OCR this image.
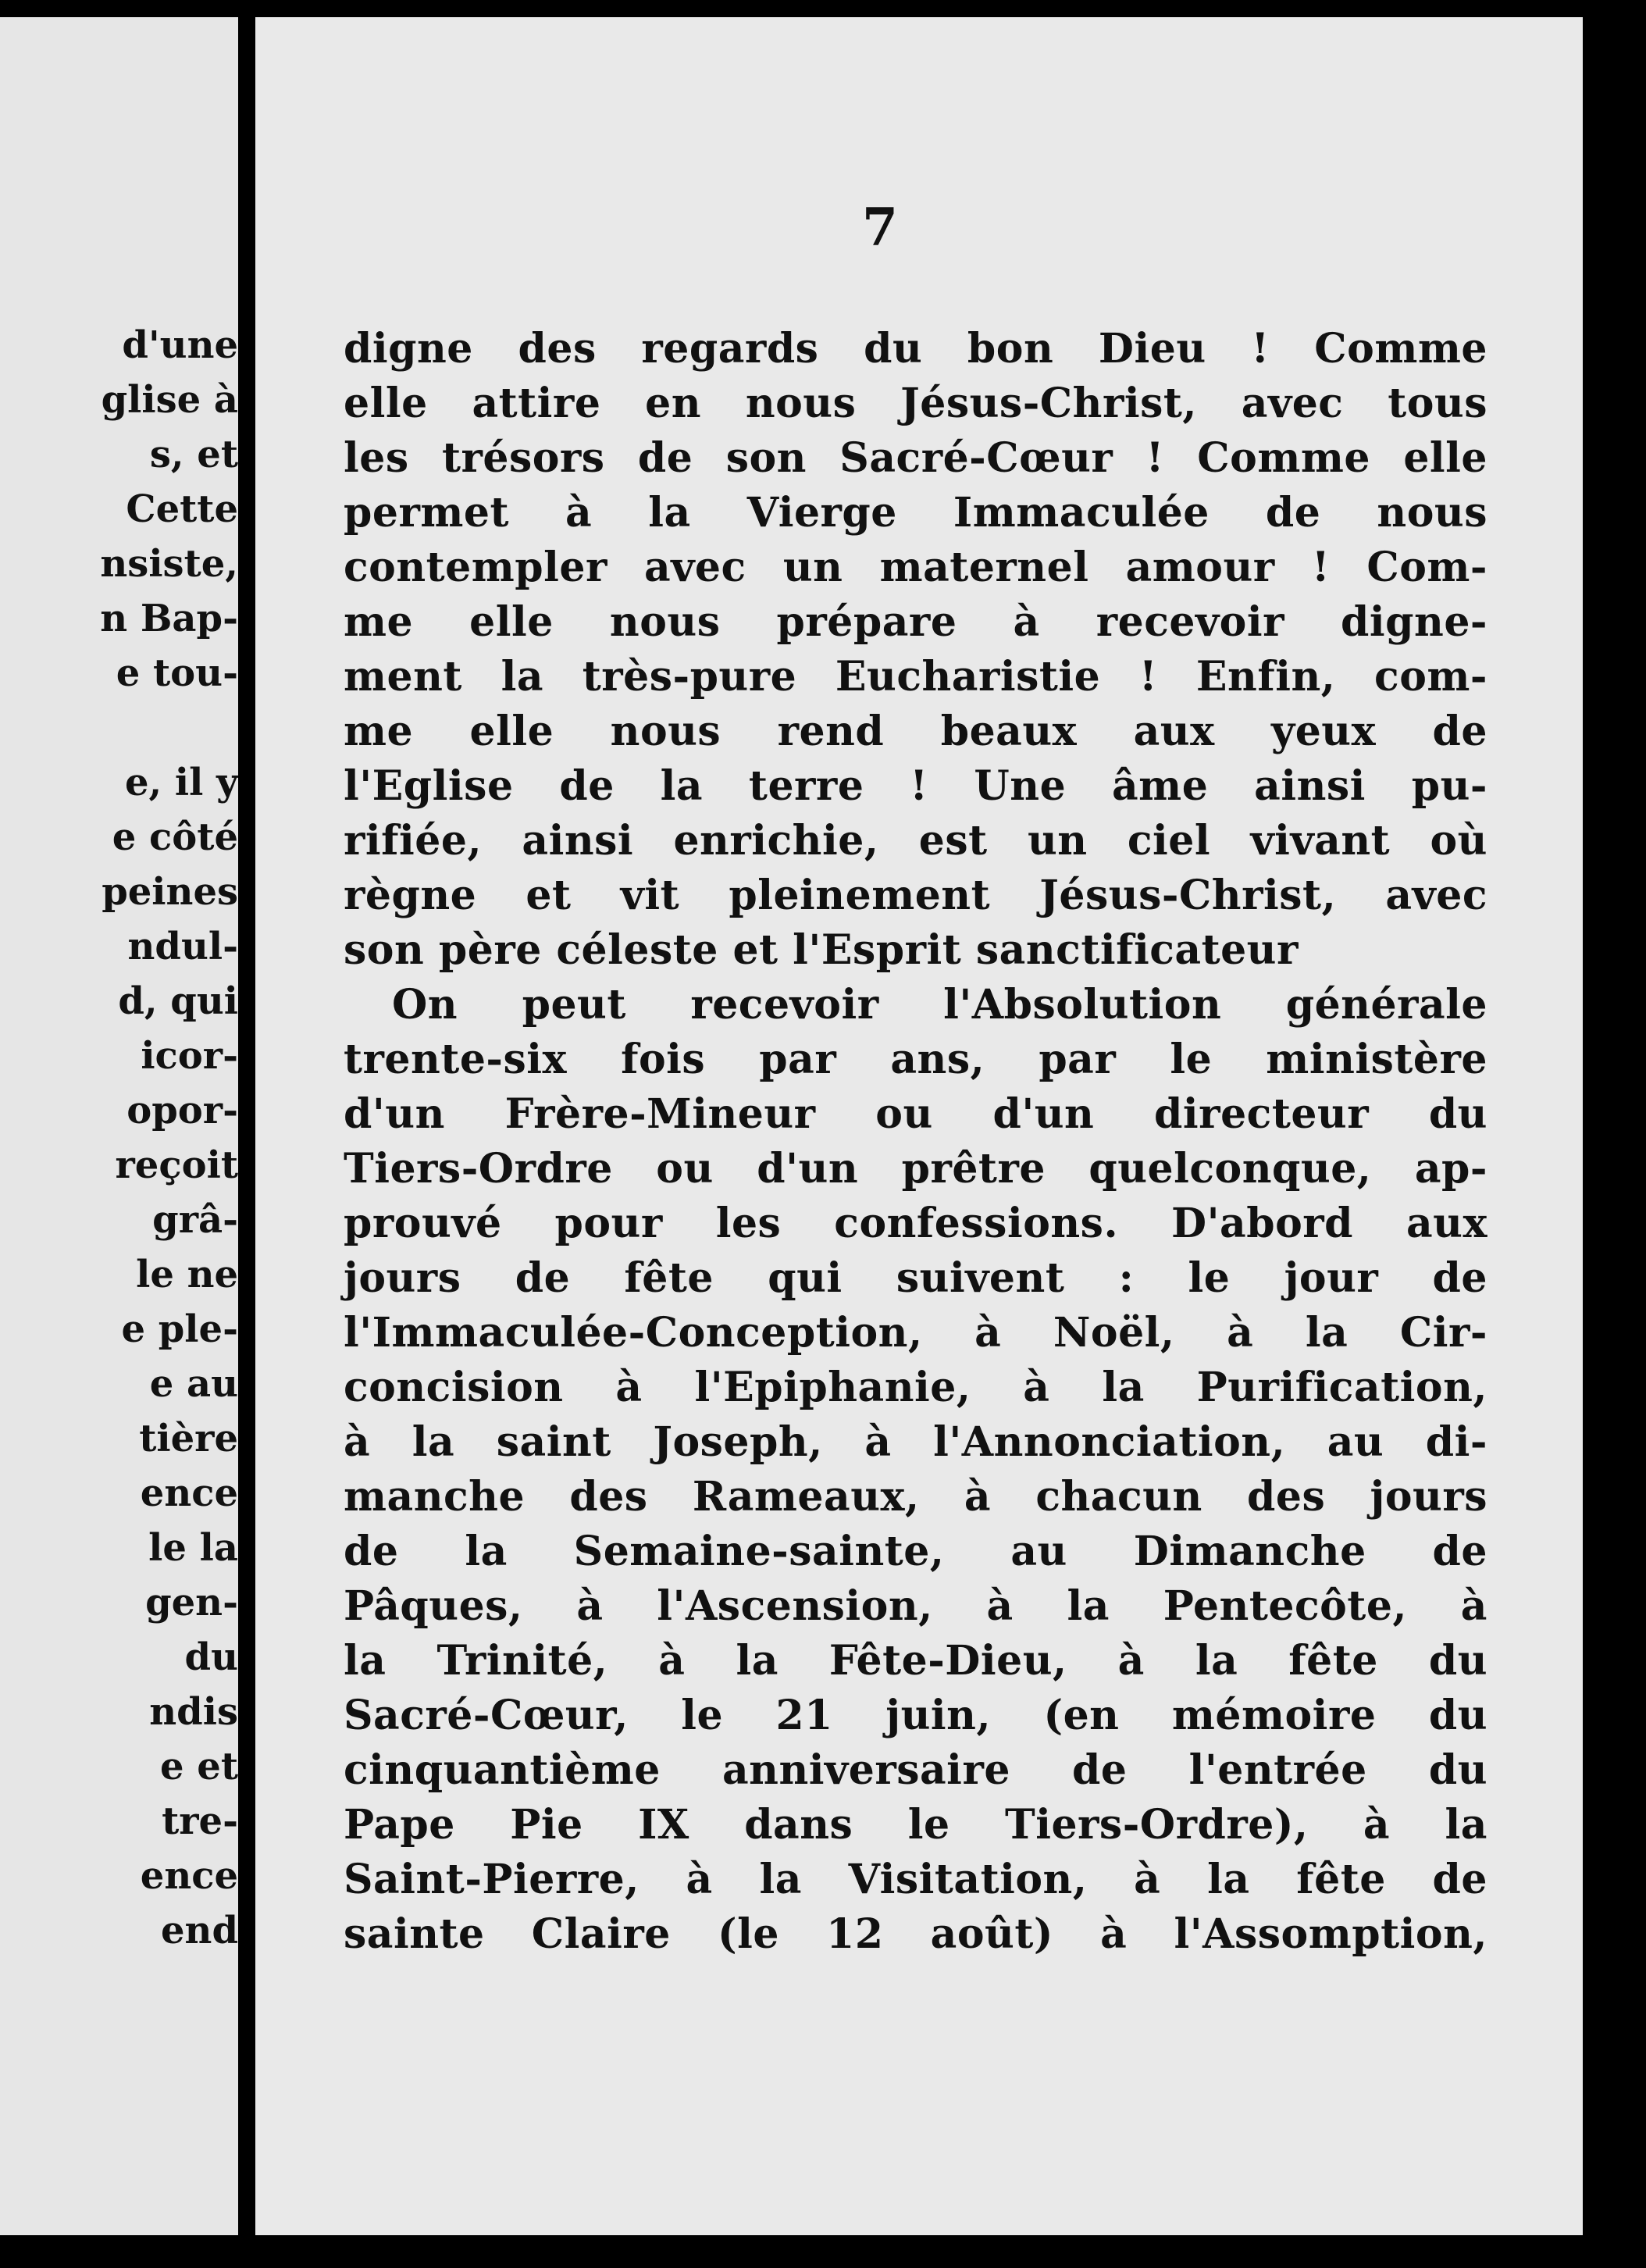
d'une
glise à
s, et
Cette
nsiste,
n Bap-
e tou-
e, il y
e côté
peines
ndul-
d, qui
icor-
opor-
reçoit
grâ-
le ne
e ple-
e au
tière
ence
le la
gen-
du
ndis
e et
tre-
ence
end
7
digne des regards du bon Dieu ! Comme
elle attire en nous Jésus-Christ, avec tous
les trésors de son Sacré-Cœur ! Comme elle
permet à la Vierge Immaculée de nous
contempler avec un maternel amour ! Com-
me elle nous prépare à recevoir digne-
ment la très-pure Eucharistie ! Enfin, com-
me elle nous rend beaux aux yeux de
l'Eglise de la terre ! Une âme ainsi pu-
rifiée, ainsi enrichie, est un ciel vivant où
règne et vit pleinement Jésus-Christ, avec
son père céleste et l'Esprit sanctificateur
On peut recevoir l'Absolution générale
trente-six fois par ans, par le ministère
d'un Frère-Mineur ou d'un directeur du
Tiers-Ordre ou d'un prêtre quelconque, ap-
prouvé pour les confessions. D'abord aux
jours de fête qui suivent : le jour de
l'Immaculée-Conception, à Noël, à la Cir-
concision à l'Epiphanie, à la Purification,
à la saint Joseph, à l'Annonciation, au di-
manche des Rameaux, à chacun des jours
de la Semaine-sainte, au Dimanche de
Pâques, à l'Ascension, à la Pentecôte, à
la Trinité, à la Fête-Dieu, à la fête du
Sacré-Cœur, le 21 juin, (en mémoire du
cinquantième anniversaire de l'entrée du
Pape Pie IX dans le Tiers-Ordre), à la
Saint-Pierre, à la Visitation, à la fête de
sainte Claire (le 12 août) à l'Assomption,
